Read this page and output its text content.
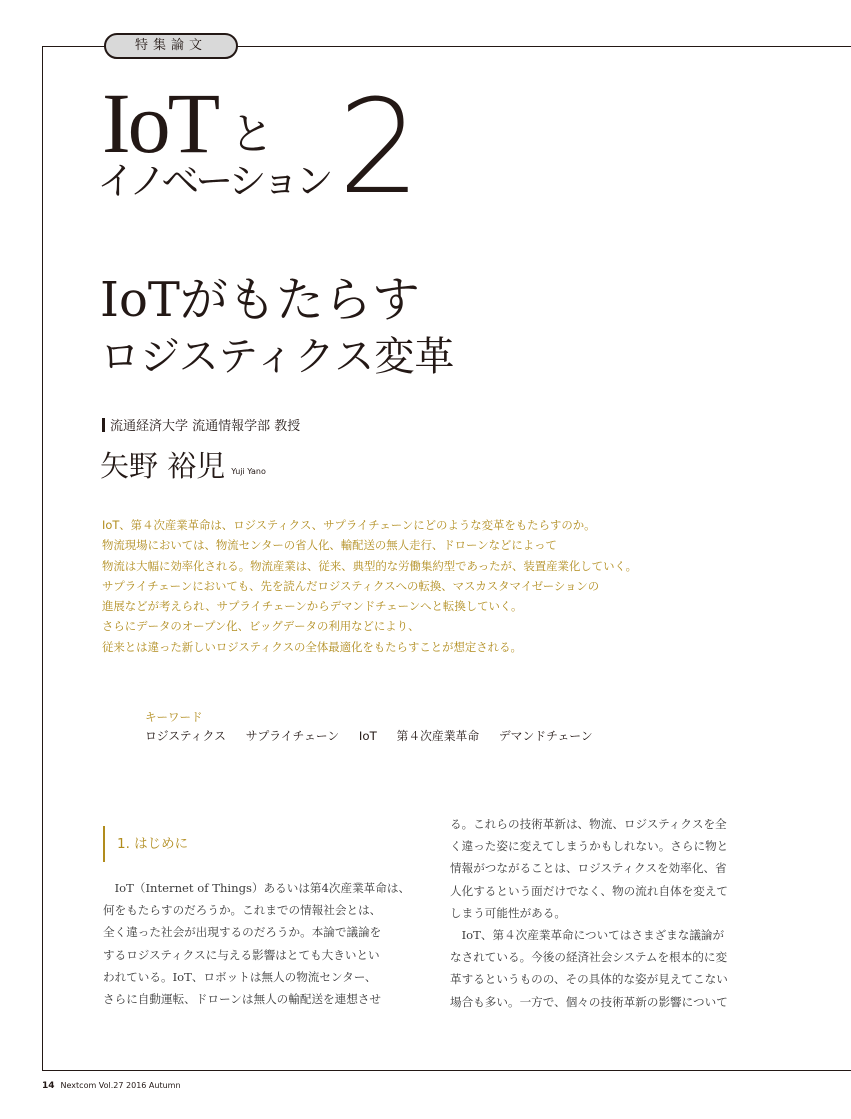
特集論文
IoT と
イノベーション 2
IoTがもたらす
ロジスティクス変革
流通経済大学 流通情報学部 教授
矢野 裕児 Yuji Yano
IoT、第４次産業革命は、ロジスティクス、サプライチェーンにどのような変革をもたらすのか。
物流現場においては、物流センターの省人化、輸配送の無人走行、ドローンなどによって
物流は大幅に効率化される。物流産業は、従来、典型的な労働集約型であったが、装置産業化していく。
サプライチェーンにおいても、先を読んだロジスティクスへの転換、マスカスタマイゼーションの
進展などが考えられ、サプライチェーンからデマンドチェーンへと転換していく。
さらにデータのオープン化、ビッグデータの利用などにより、
従来とは違った新しいロジスティクスの全体最適化をもたらすことが想定される。
キーワード
ロジスティクス サプライチェーン IoT 第４次産業革命 デマンドチェーン
1. はじめに
　IoT（Internet of Things）あるいは第4次産業革命は、
何をもたらすのだろうか。これまでの情報社会とは、
全く違った社会が出現するのだろうか。本論で議論を
するロジスティクスに与える影響はとても大きいとい
われている。IoT、ロボットは無人の物流センター、
さらに自動運転、ドローンは無人の輸配送を連想させ
る。これらの技術革新は、物流、ロジスティクスを全
く違った姿に変えてしまうかもしれない。さらに物と
情報がつながることは、ロジスティクスを効率化、省
人化するという面だけでなく、物の流れ自体を変えて
しまう可能性がある。
　IoT、第４次産業革命についてはさまざまな議論が
なされている。今後の経済社会システムを根本的に変
革するというものの、その具体的な姿が見えてこない
場合も多い。一方で、個々の技術革新の影響について
14 Nextcom Vol.27 2016 Autumn
